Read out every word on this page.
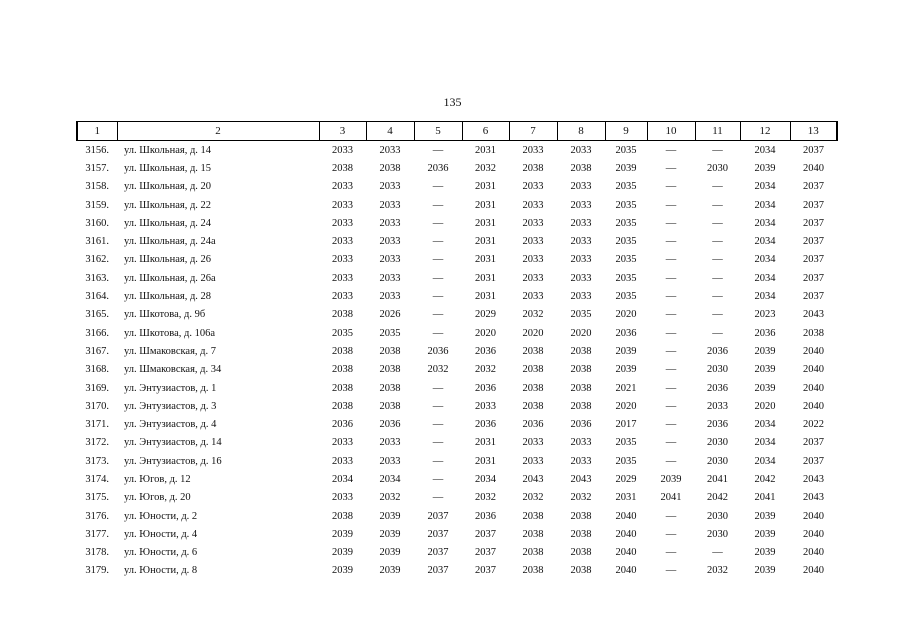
135
1	2	3	4	5	6	7	8	9	10	11	12	13
3156.	ул. Школьная, д. 14	2033	2033	—	2031	2033	2033	2035	—	—	2034	2037
3157.	ул. Школьная, д. 15	2038	2038	2036	2032	2038	2038	2039	—	2030	2039	2040
3158.	ул. Школьная, д. 20	2033	2033	—	2031	2033	2033	2035	—	—	2034	2037
3159.	ул. Школьная, д. 22	2033	2033	—	2031	2033	2033	2035	—	—	2034	2037
3160.	ул. Школьная, д. 24	2033	2033	—	2031	2033	2033	2035	—	—	2034	2037
3161.	ул. Школьная, д. 24а	2033	2033	—	2031	2033	2033	2035	—	—	2034	2037
3162.	ул. Школьная, д. 26	2033	2033	—	2031	2033	2033	2035	—	—	2034	2037
3163.	ул. Школьная, д. 26а	2033	2033	—	2031	2033	2033	2035	—	—	2034	2037
3164.	ул. Школьная, д. 28	2033	2033	—	2031	2033	2033	2035	—	—	2034	2037
3165.	ул. Шкотова, д. 9б	2038	2026	—	2029	2032	2035	2020	—	—	2023	2043
3166.	ул. Шкотова, д. 106а	2035	2035	—	2020	2020	2020	2036	—	—	2036	2038
3167.	ул. Шмаковская, д. 7	2038	2038	2036	2036	2038	2038	2039	—	2036	2039	2040
3168.	ул. Шмаковская, д. 34	2038	2038	2032	2032	2038	2038	2039	—	2030	2039	2040
3169.	ул. Энтузиастов, д. 1	2038	2038	—	2036	2038	2038	2021	—	2036	2039	2040
3170.	ул. Энтузиастов, д. 3	2038	2038	—	2033	2038	2038	2020	—	2033	2020	2040
3171.	ул. Энтузиастов, д. 4	2036	2036	—	2036	2036	2036	2017	—	2036	2034	2022
3172.	ул. Энтузиастов, д. 14	2033	2033	—	2031	2033	2033	2035	—	2030	2034	2037
3173.	ул. Энтузиастов, д. 16	2033	2033	—	2031	2033	2033	2035	—	2030	2034	2037
3174.	ул. Югов, д. 12	2034	2034	—	2034	2043	2043	2029	2039	2041	2042	2043
3175.	ул. Югов, д. 20	2033	2032	—	2032	2032	2032	2031	2041	2042	2041	2043
3176.	ул. Юности, д. 2	2038	2039	2037	2036	2038	2038	2040	—	2030	2039	2040
3177.	ул. Юности, д. 4	2039	2039	2037	2037	2038	2038	2040	—	2030	2039	2040
3178.	ул. Юности, д. 6	2039	2039	2037	2037	2038	2038	2040	—	—	2039	2040
3179.	ул. Юности, д. 8	2039	2039	2037	2037	2038	2038	2040	—	2032	2039	2040
